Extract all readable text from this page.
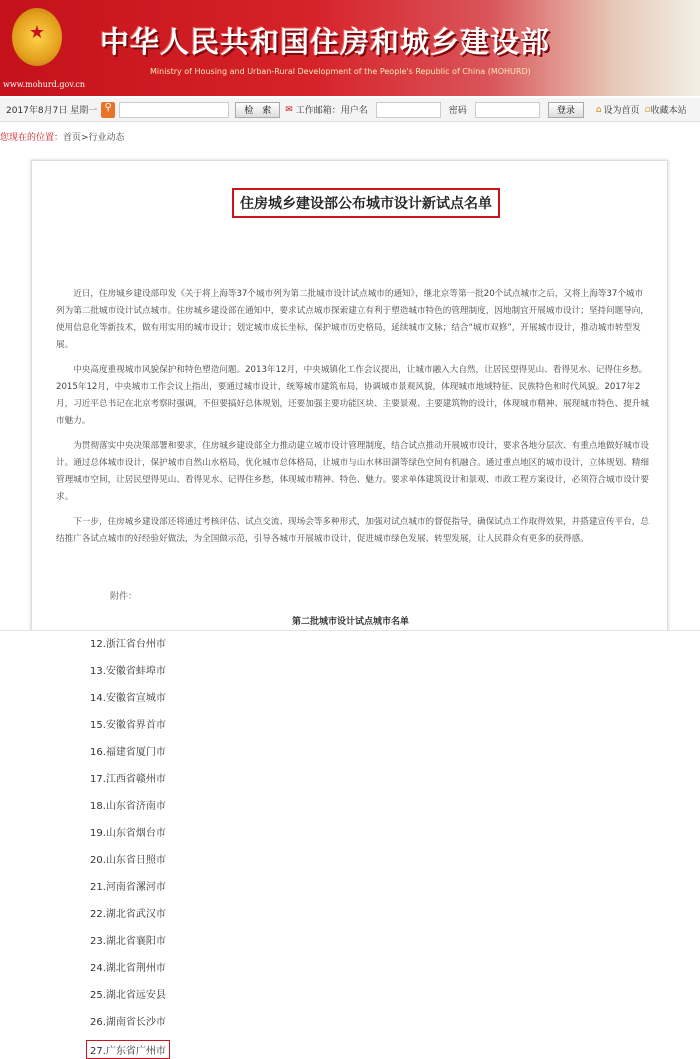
★
www.mohurd.gov.cn
中华人民共和国住房和城乡建设部
Ministry of Housing and Urban-Rural Development of the People's Republic of China (MOHURD)
2017年8月7日 星期一 ⚲	检　索	✉ 工作邮箱：用户名	密码	登录	⌂ 设为首页 ▫ 收藏本站
您现在的位置：首页>行业动态
住房城乡建设部公布城市设计新试点名单

近日，住房城乡建设部印发《关于将上海等37个城市列为第二批城市设计试点城市的通知》，继北京等第一批20个试点城市之后，又将上海等37个城市列为第二批城市设计试点城市。住房城乡建设部在通知中，要求试点城市探索建立有利于塑造城市特色的管理制度，因地制宜开展城市设计；坚持问题导向，使用信息化等新技术，做有用实用的城市设计；划定城市成长坐标，保护城市历史格局，延续城市文脉；结合“城市双修”，开展城市设计，推动城市转型发展。

中央高度重视城市风貌保护和特色塑造问题。2013年12月，中央城镇化工作会议提出，让城市融入大自然，让居民望得见山、看得见水、记得住乡愁。2015年12月，中央城市工作会议上指出，要通过城市设计，统筹城市建筑布局，协调城市景观风貌，体现城市地域特征、民族特色和时代风貌。2017年2月，习近平总书记在北京考察时强调，不但要搞好总体规划，还要加强主要功能区块、主要景观、主要建筑物的设计，体现城市精神、展现城市特色、提升城市魅力。

为贯彻落实中央决策部署和要求，住房城乡建设部全力推动建立城市设计管理制度，结合试点推动开展城市设计，要求各地分层次、有重点地做好城市设计。通过总体城市设计，保护城市自然山水格局，优化城市总体格局，让城市与山水林田湖等绿色空间有机融合。通过重点地区的城市设计，立体规划、精细管理城市空间，让居民望得见山、看得见水、记得住乡愁，体现城市精神、特色、魅力。要求单体建筑设计和景观、市政工程方案设计，必须符合城市设计要求。

下一步，住房城乡建设部还将通过考核评估、试点交流、现场会等多种形式，加强对试点城市的督促指导，确保试点工作取得效果，并搭建宣传平台，总结推广各试点城市的好经验好做法，为全国做示范，引导各城市开展城市设计，促进城市绿色发展、转型发展，让人民群众有更多的获得感。

附件：
第二批城市设计试点城市名单
12.浙江省台州市
13.安徽省蚌埠市
14.安徽省宣城市
15.安徽省界首市
16.福建省厦门市
17.江西省赣州市
18.山东省济南市
19.山东省烟台市
20.山东省日照市
21.河南省漯河市
22.湖北省武汉市
23.湖北省襄阳市
24.湖北省荆州市
25.湖北省远安县
26.湖南省长沙市
27.广东省广州市
